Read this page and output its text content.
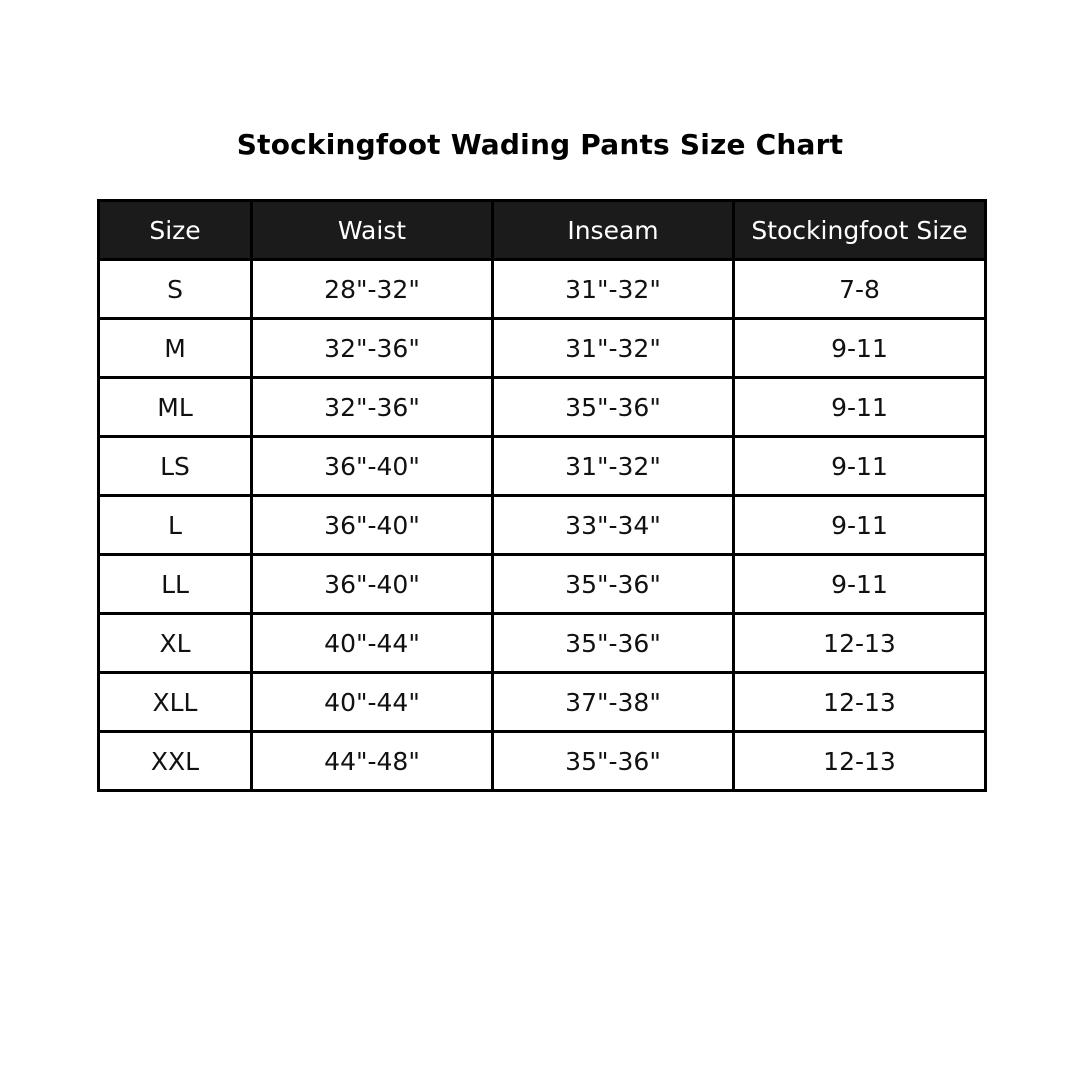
Stockingfoot Wading Pants Size Chart
Size	Waist	Inseam	Stockingfoot Size
S	28"-32"	31"-32"	7-8
M	32"-36"	31"-32"	9-11
ML	32"-36"	35"-36"	9-11
LS	36"-40"	31"-32"	9-11
L	36"-40"	33"-34"	9-11
LL	36"-40"	35"-36"	9-11
XL	40"-44"	35"-36"	12-13
XLL	40"-44"	37"-38"	12-13
XXL	44"-48"	35"-36"	12-13
